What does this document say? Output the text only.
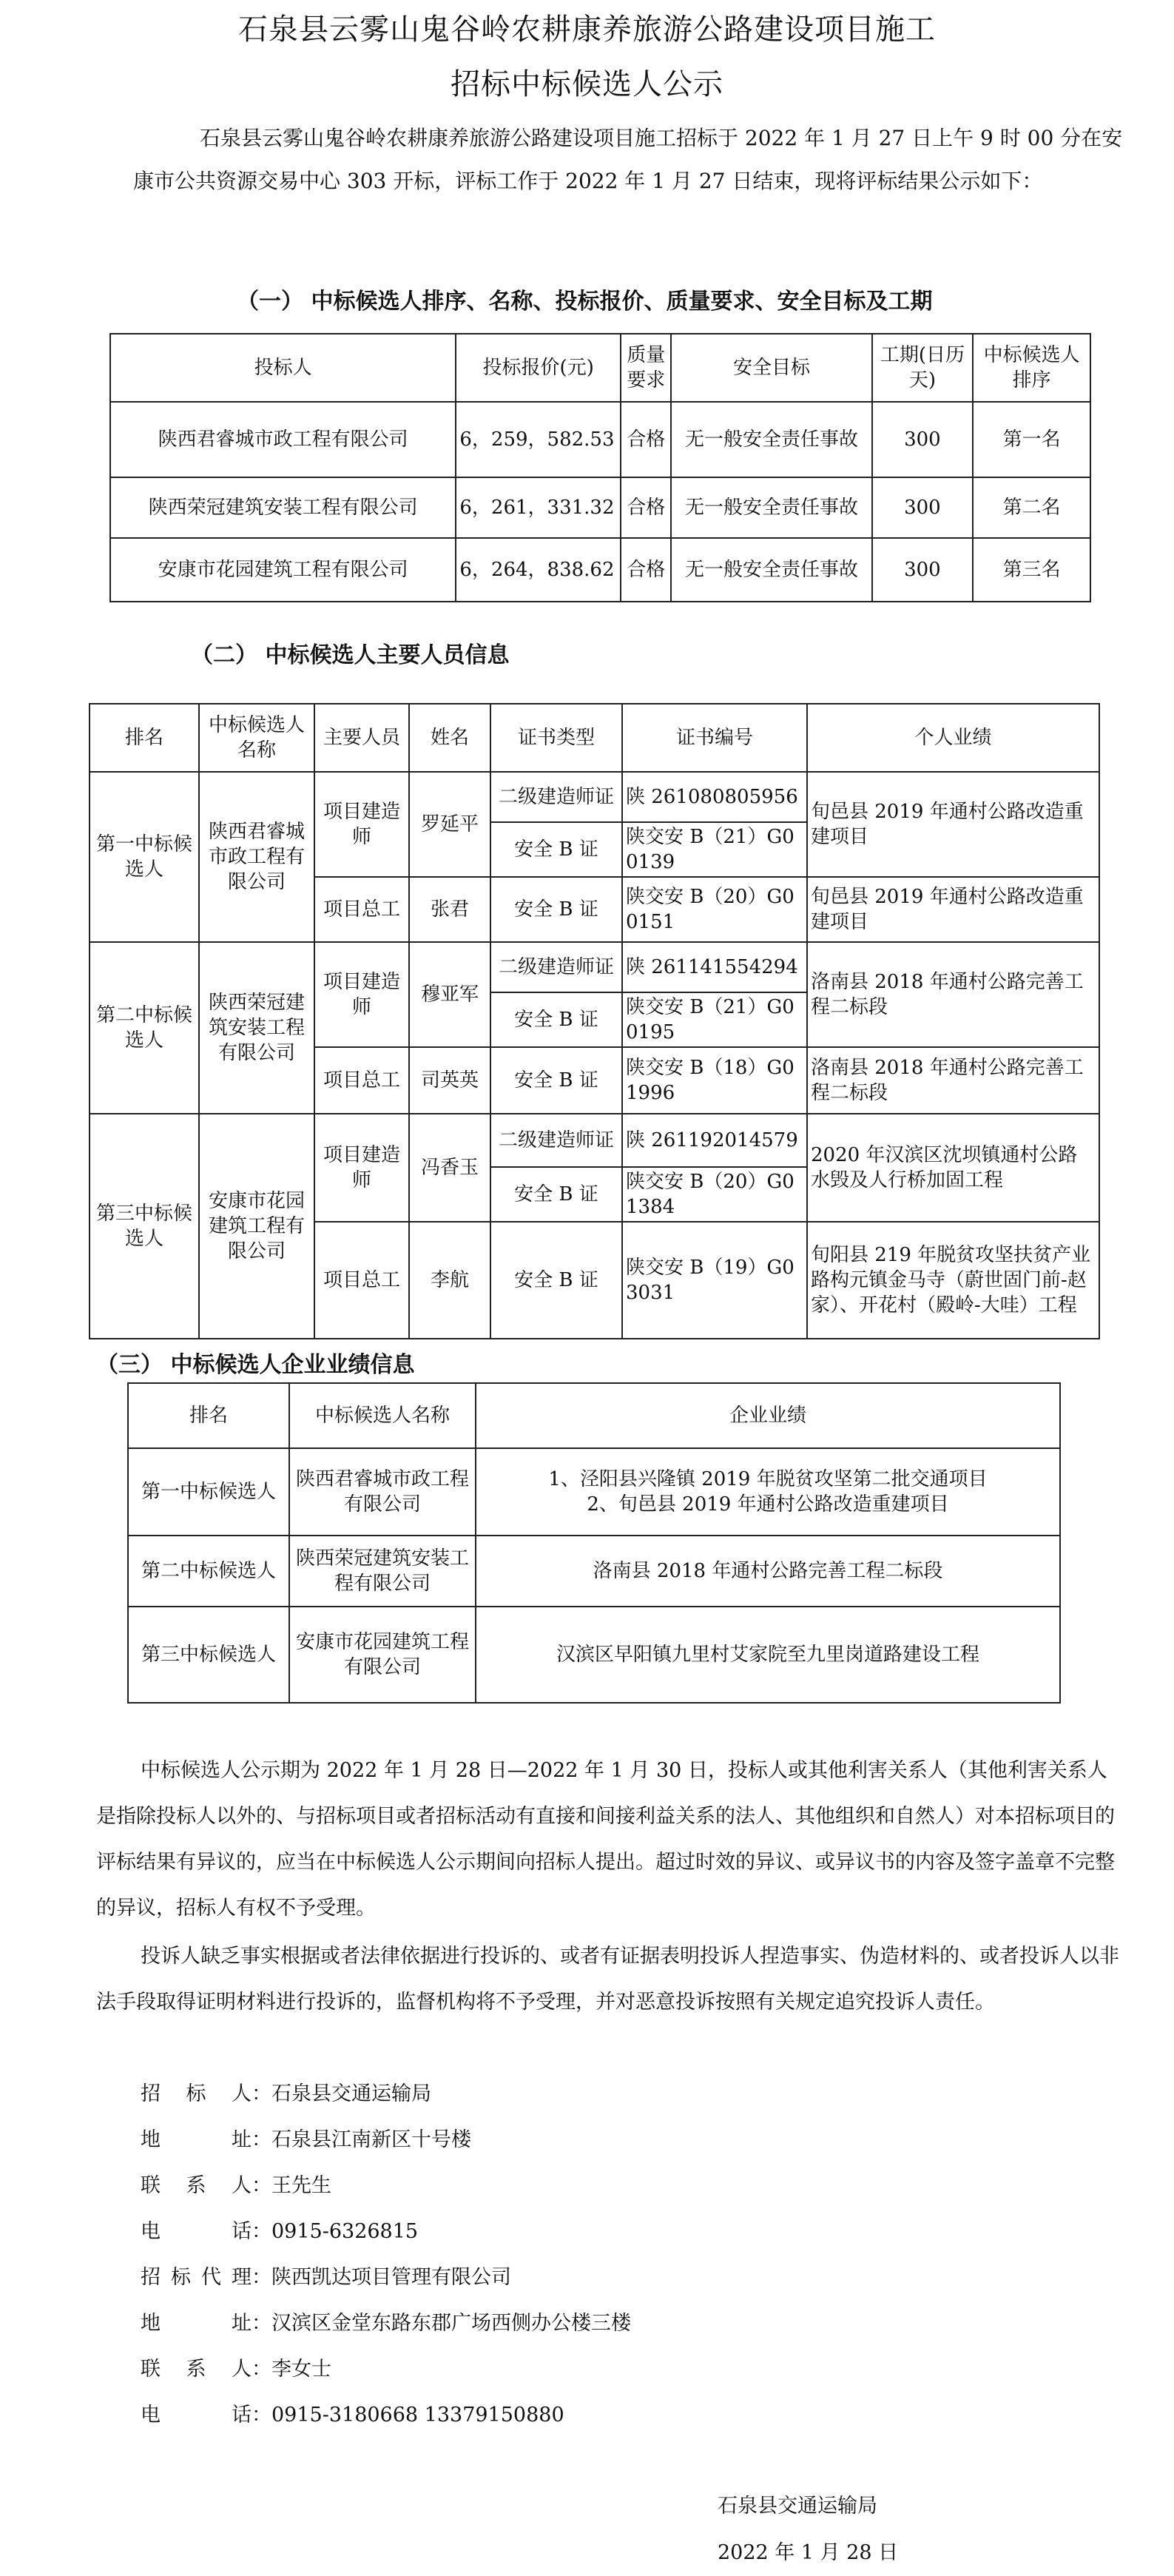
石泉县云雾山鬼谷岭农耕康养旅游公路建设项目施工
招标中标候选人公示
石泉县云雾山鬼谷岭农耕康养旅游公路建设项目施工招标于 2022 年 1 月 27 日上午 9 时 00 分在安康市公共资源交易中心 303 开标，评标工作于 2022 年 1 月 27 日结束，现将评标结果公示如下：
（一） 中标候选人排序、名称、投标报价、质量要求、安全目标及工期
投标人	投标报价(元)	质量要求	安全目标	工期(日历天)	中标候选人排序
陕西君睿城市政工程有限公司	6，259，582.53	合格	无一般安全责任事故	300	第一名
陕西荣冠建筑安装工程有限公司	6，261，331.32	合格	无一般安全责任事故	300	第二名
安康市花园建筑工程有限公司	6，264，838.62	合格	无一般安全责任事故	300	第三名
（二） 中标候选人主要人员信息
排名	中标候选人名称	主要人员	姓名	证书类型	证书编号	个人业绩
第一中标候选人	陕西君睿城市政工程有限公司	项目建造师	罗延平	二级建造师证	陕 261080805956	旬邑县 2019 年通村公路改造重建项目
				安全 B 证	陕交安 B（21）G00139	
		项目总工	张君	安全 B 证	陕交安 B（20）G00151	旬邑县 2019 年通村公路改造重建项目
第二中标候选人	陕西荣冠建筑安装工程有限公司	项目建造师	穆亚军	二级建造师证	陕 261141554294	洛南县 2018 年通村公路完善工程二标段
				安全 B 证	陕交安 B（21）G00195	
		项目总工	司英英	安全 B 证	陕交安 B（18）G01996	洛南县 2018 年通村公路完善工程二标段
第三中标候选人	安康市花园建筑工程有限公司	项目建造师	冯香玉	二级建造师证	陕 261192014579	2020 年汉滨区沈坝镇通村公路水毁及人行桥加固工程
				安全 B 证	陕交安 B（20）G01384	
		项目总工	李航	安全 B 证	陕交安 B（19）G03031	旬阳县 219 年脱贫攻坚扶贫产业路构元镇金马寺（蔚世固门前-赵家）、开花村（殿岭-大哇）工程
（三） 中标候选人企业业绩信息
排名	中标候选人名称	企业业绩
第一中标候选人	陕西君睿城市政工程有限公司	1、泾阳县兴隆镇 2019 年脱贫攻坚第二批交通项目
2、旬邑县 2019 年通村公路改造重建项目

第二中标候选人	陕西荣冠建筑安装工程有限公司	洛南县 2018 年通村公路完善工程二标段
第三中标候选人	安康市花园建筑工程有限公司	汉滨区早阳镇九里村艾家院至九里岗道路建设工程
中标候选人公示期为 2022 年 1 月 28 日—2022 年 1 月 30 日，投标人或其他利害关系人（其他利害关系人是指除投标人以外的、与招标项目或者招标活动有直接和间接利益关系的法人、其他组织和自然人）对本招标项目的评标结果有异议的，应当在中标候选人公示期间向招标人提出。超过时效的异议、或异议书的内容及签字盖章不完整的异议，招标人有权不予受理。
投诉人缺乏事实根据或者法律依据进行投诉的、或者有证据表明投诉人捏造事实、伪造材料的、或者投诉人以非法手段取得证明材料进行投诉的，监督机构将不予受理，并对恶意投诉按照有关规定追究投诉人责任。
招标人：石泉县交通运输局
地址：石泉县江南新区十号楼
联系人：王先生
电话：0915-6326815
招标代理：陕西凯达项目管理有限公司
地址：汉滨区金堂东路东郡广场西侧办公楼三楼
联系人：李女士
电话：0915-3180668 13379150880
石泉县交通运输局
2022 年 1 月 28 日
